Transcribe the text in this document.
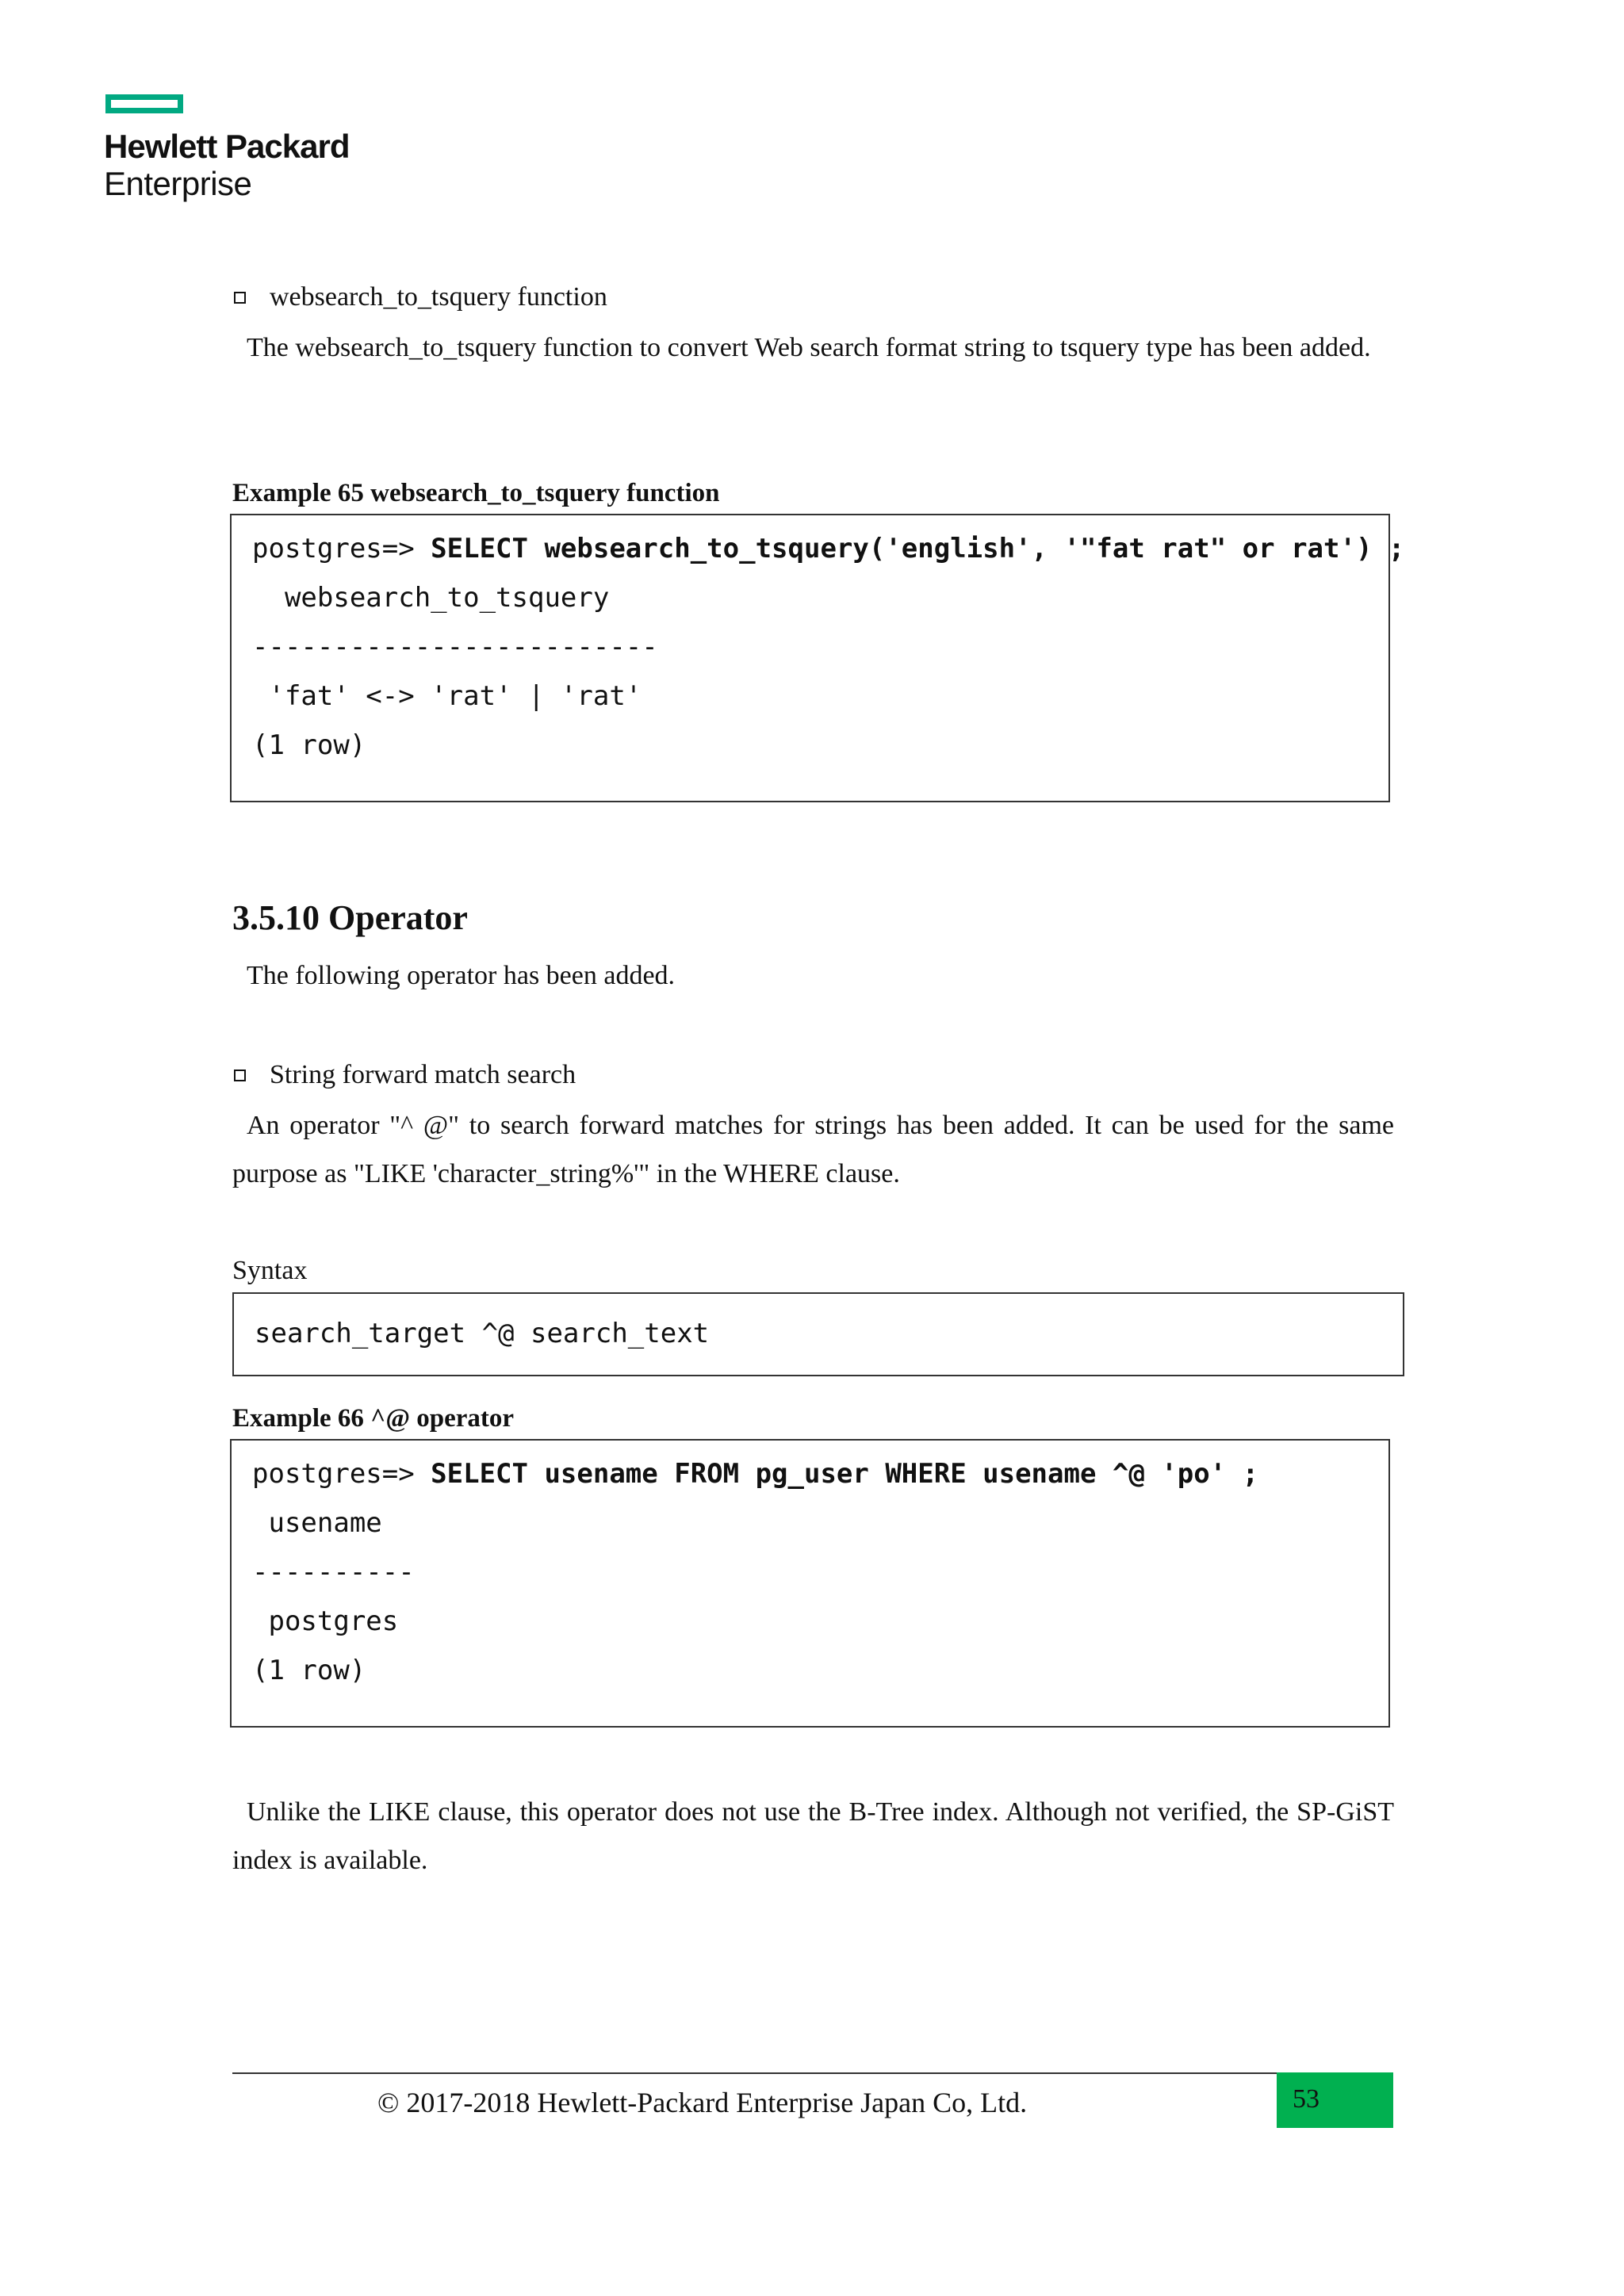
Hewlett Packard
Enterprise
websearch_to_tsquery function
The websearch_to_tsquery function to convert Web search format string to tsquery type has been added.
Example 65 websearch_to_tsquery function
postgres=> SELECT websearch_to_tsquery('english', '"fat rat" or rat') ;
websearch_to_tsquery
-------------------------
'fat' <-> 'rat' | 'rat'
(1 row)
3.5.10 Operator
The following operator has been added.
String forward match search
An operator "^ @" to search forward matches for strings has been added. It can be used for the same purpose as "LIKE 'character_string%'" in the WHERE clause.
Syntax
search_target ^@ search_text
Example 66 ^@ operator
postgres=> SELECT usename FROM pg_user WHERE usename ^@ 'po' ;
usename
----------
postgres
(1 row)
Unlike the LIKE clause, this operator does not use the B-Tree index. Although not verified, the SP-GiST index is available.
© 2017-2018 Hewlett-Packard Enterprise Japan Co, Ltd.	53
